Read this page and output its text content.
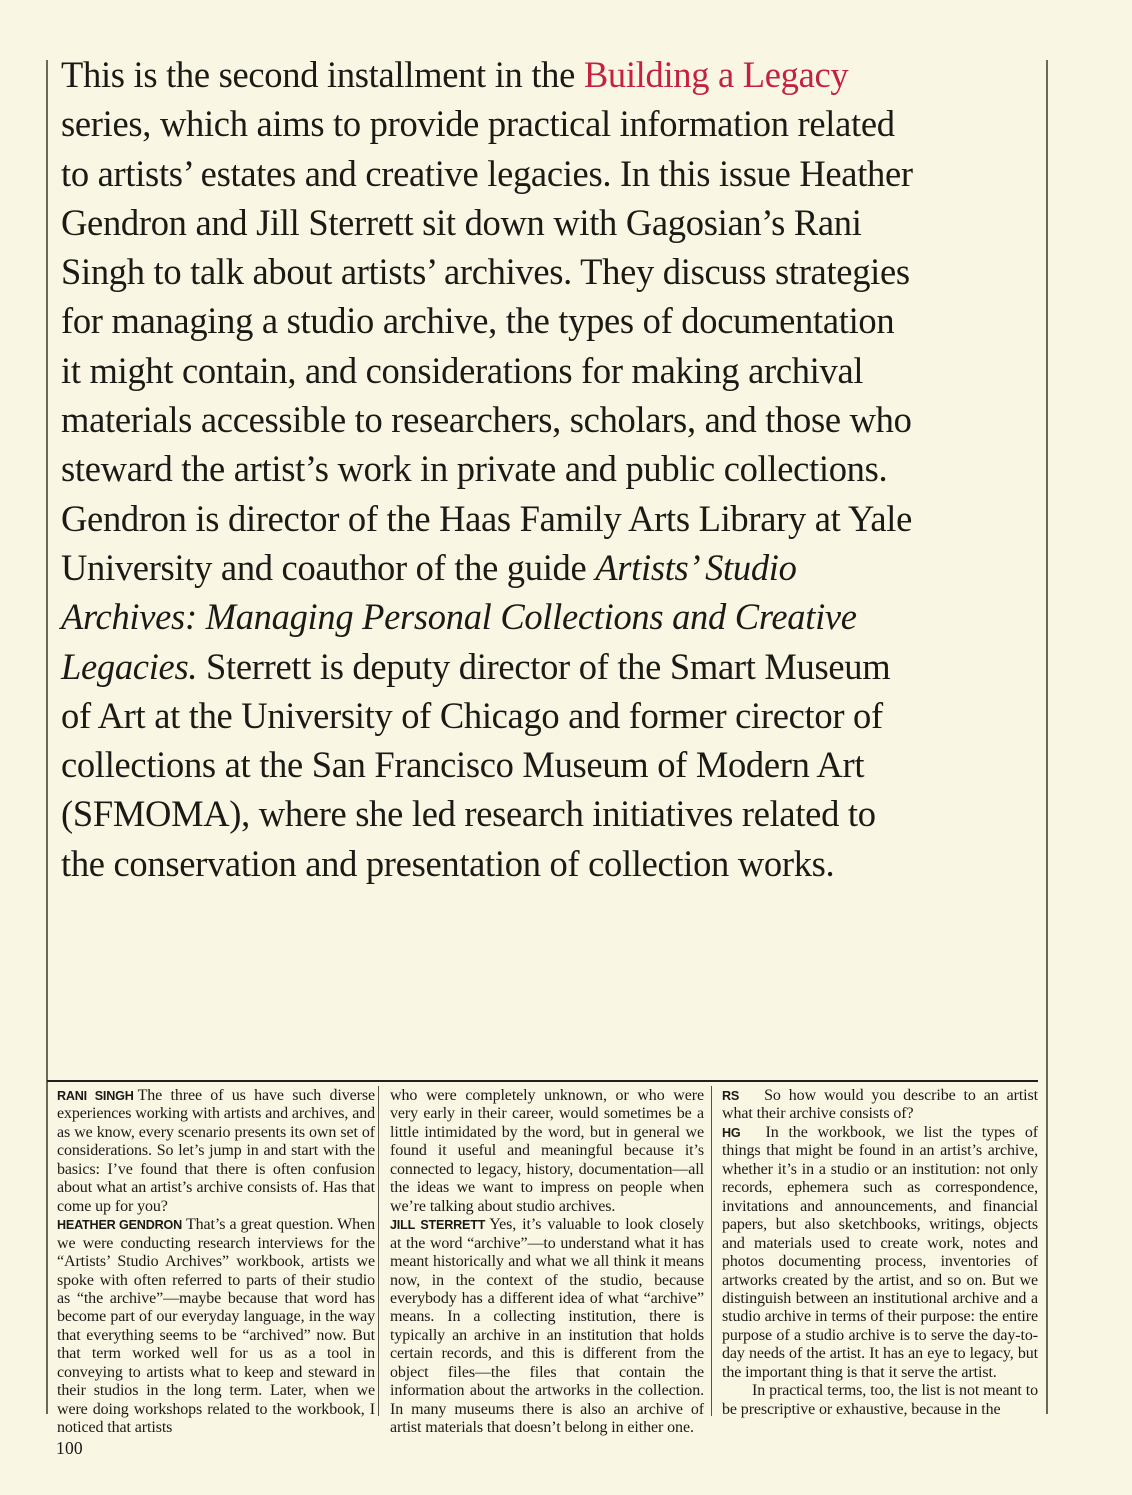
This is the second installment in the Building a Legacy series, which aims to provide practical information related to artists’ estates and creative legacies. In this issue Heather Gendron and Jill Sterrett sit down with Gagosian’s Rani Singh to talk about artists’ archives. They discuss strategies for managing a studio archive, the types of documentation it might contain, and considerations for making archival materials accessible to researchers, scholars, and those who steward the artist’s work in private and public collections. Gendron is director of the Haas Family Arts Library at Yale University and coauthor of the guide Artists’ Studio Archives: Managing Personal Collections and Creative Legacies. Sterrett is deputy director of the Smart Museum of Art at the University of Chicago and former cirector of collections at the San Francisco Museum of Modern Art (SFMOMA), where she led research initiatives related to the conservation and presentation of collection works.

RANI SINGH The three of us have such diverse experiences working with artists and archives, and as we know, every scenario presents its own set of considerations. So let’s jump in and start with the basics: I’ve found that there is often confusion about what an artist’s archive consists of. Has that come up for you?

HEATHER GENDRON That’s a great question. When we were conducting research interviews for the “Artists’ Studio Archives” workbook, artists we spoke with often referred to parts of their studio as “the archive”—maybe because that word has become part of our everyday language, in the way that everything seems to be “archived” now. But that term worked well for us as a tool in conveying to artists what to keep and steward in their studios in the long term. Later, when we were doing workshops related to the workbook, I noticed that artists

who were completely unknown, or who were very early in their career, would sometimes be a little intimidated by the word, but in general we found it useful and meaningful because it’s connected to legacy, history, documentation—all the ideas we want to impress on people when we’re talking about studio archives.

JILL STERRETT Yes, it’s valuable to look closely at the word “archive”—to understand what it has meant historically and what we all think it means now, in the context of the studio, because everybody has a different idea of what “archive” means. In a collecting institution, there is typically an archive in an institution that holds certain records, and this is different from the object files—the files that contain the information about the artworks in the collection. In many museums there is also an archive of artist materials that doesn’t belong in either one.

RS So how would you describe to an artist what their archive consists of?

HG In the workbook, we list the types of things that might be found in an artist’s archive, whether it’s in a studio or an institution: not only records, ephemera such as correspondence, invitations and announcements, and financial papers, but also sketchbooks, writings, objects and materials used to create work, notes and photos documenting process, inventories of artworks created by the artist, and so on. But we distinguish between an institutional archive and a studio archive in terms of their purpose: the entire purpose of a studio archive is to serve the day-to-day needs of the artist. It has an eye to legacy, but the important thing is that it serve the artist.

In practical terms, too, the list is not meant to be prescriptive or exhaustive, because in the

100
